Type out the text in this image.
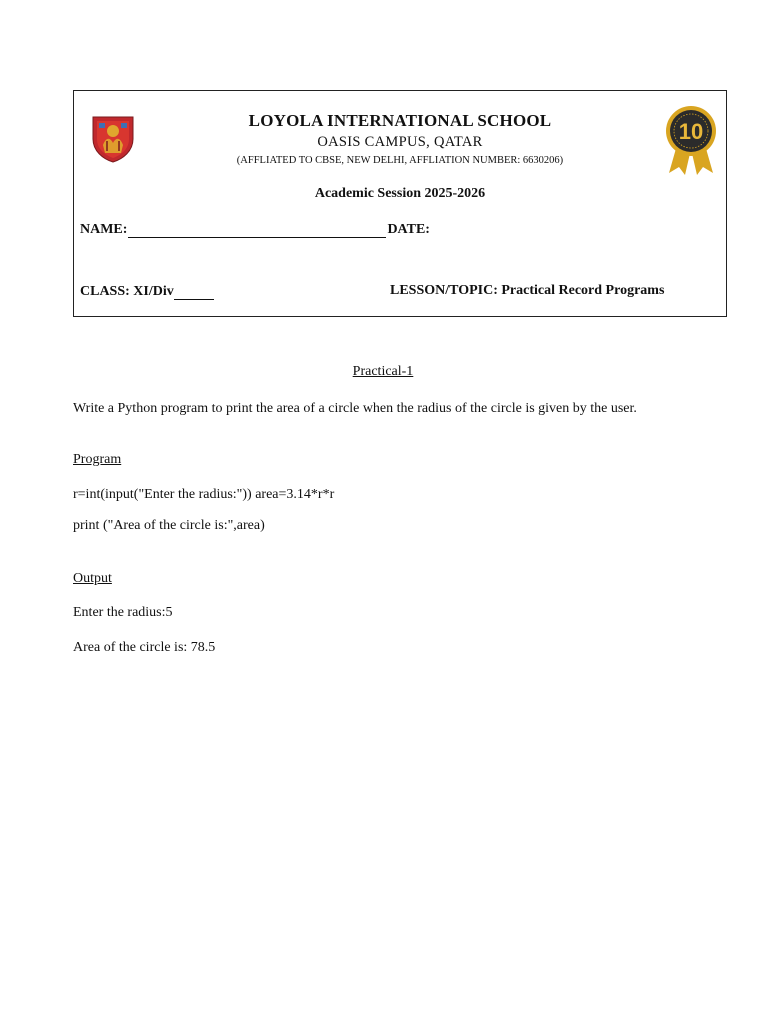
10
LOYOLA INTERNATIONAL SCHOOL
OASIS CAMPUS, QATAR
(AFFLIATED TO CBSE, NEW DELHI, AFFLIATION NUMBER: 6630206)
Academic Session 2025-2026
NAME:	DATE:
CLASS: XI/Div	LESSON/TOPIC: Practical Record Programs
Practical-1
Write a Python program to print the area of a circle when the radius of the circle is given by the user.
Program
r=int(input("Enter the radius:")) area=3.14*r*r
print ("Area of the circle is:",area)
Output
Enter the radius:5
Area of the circle is: 78.5
